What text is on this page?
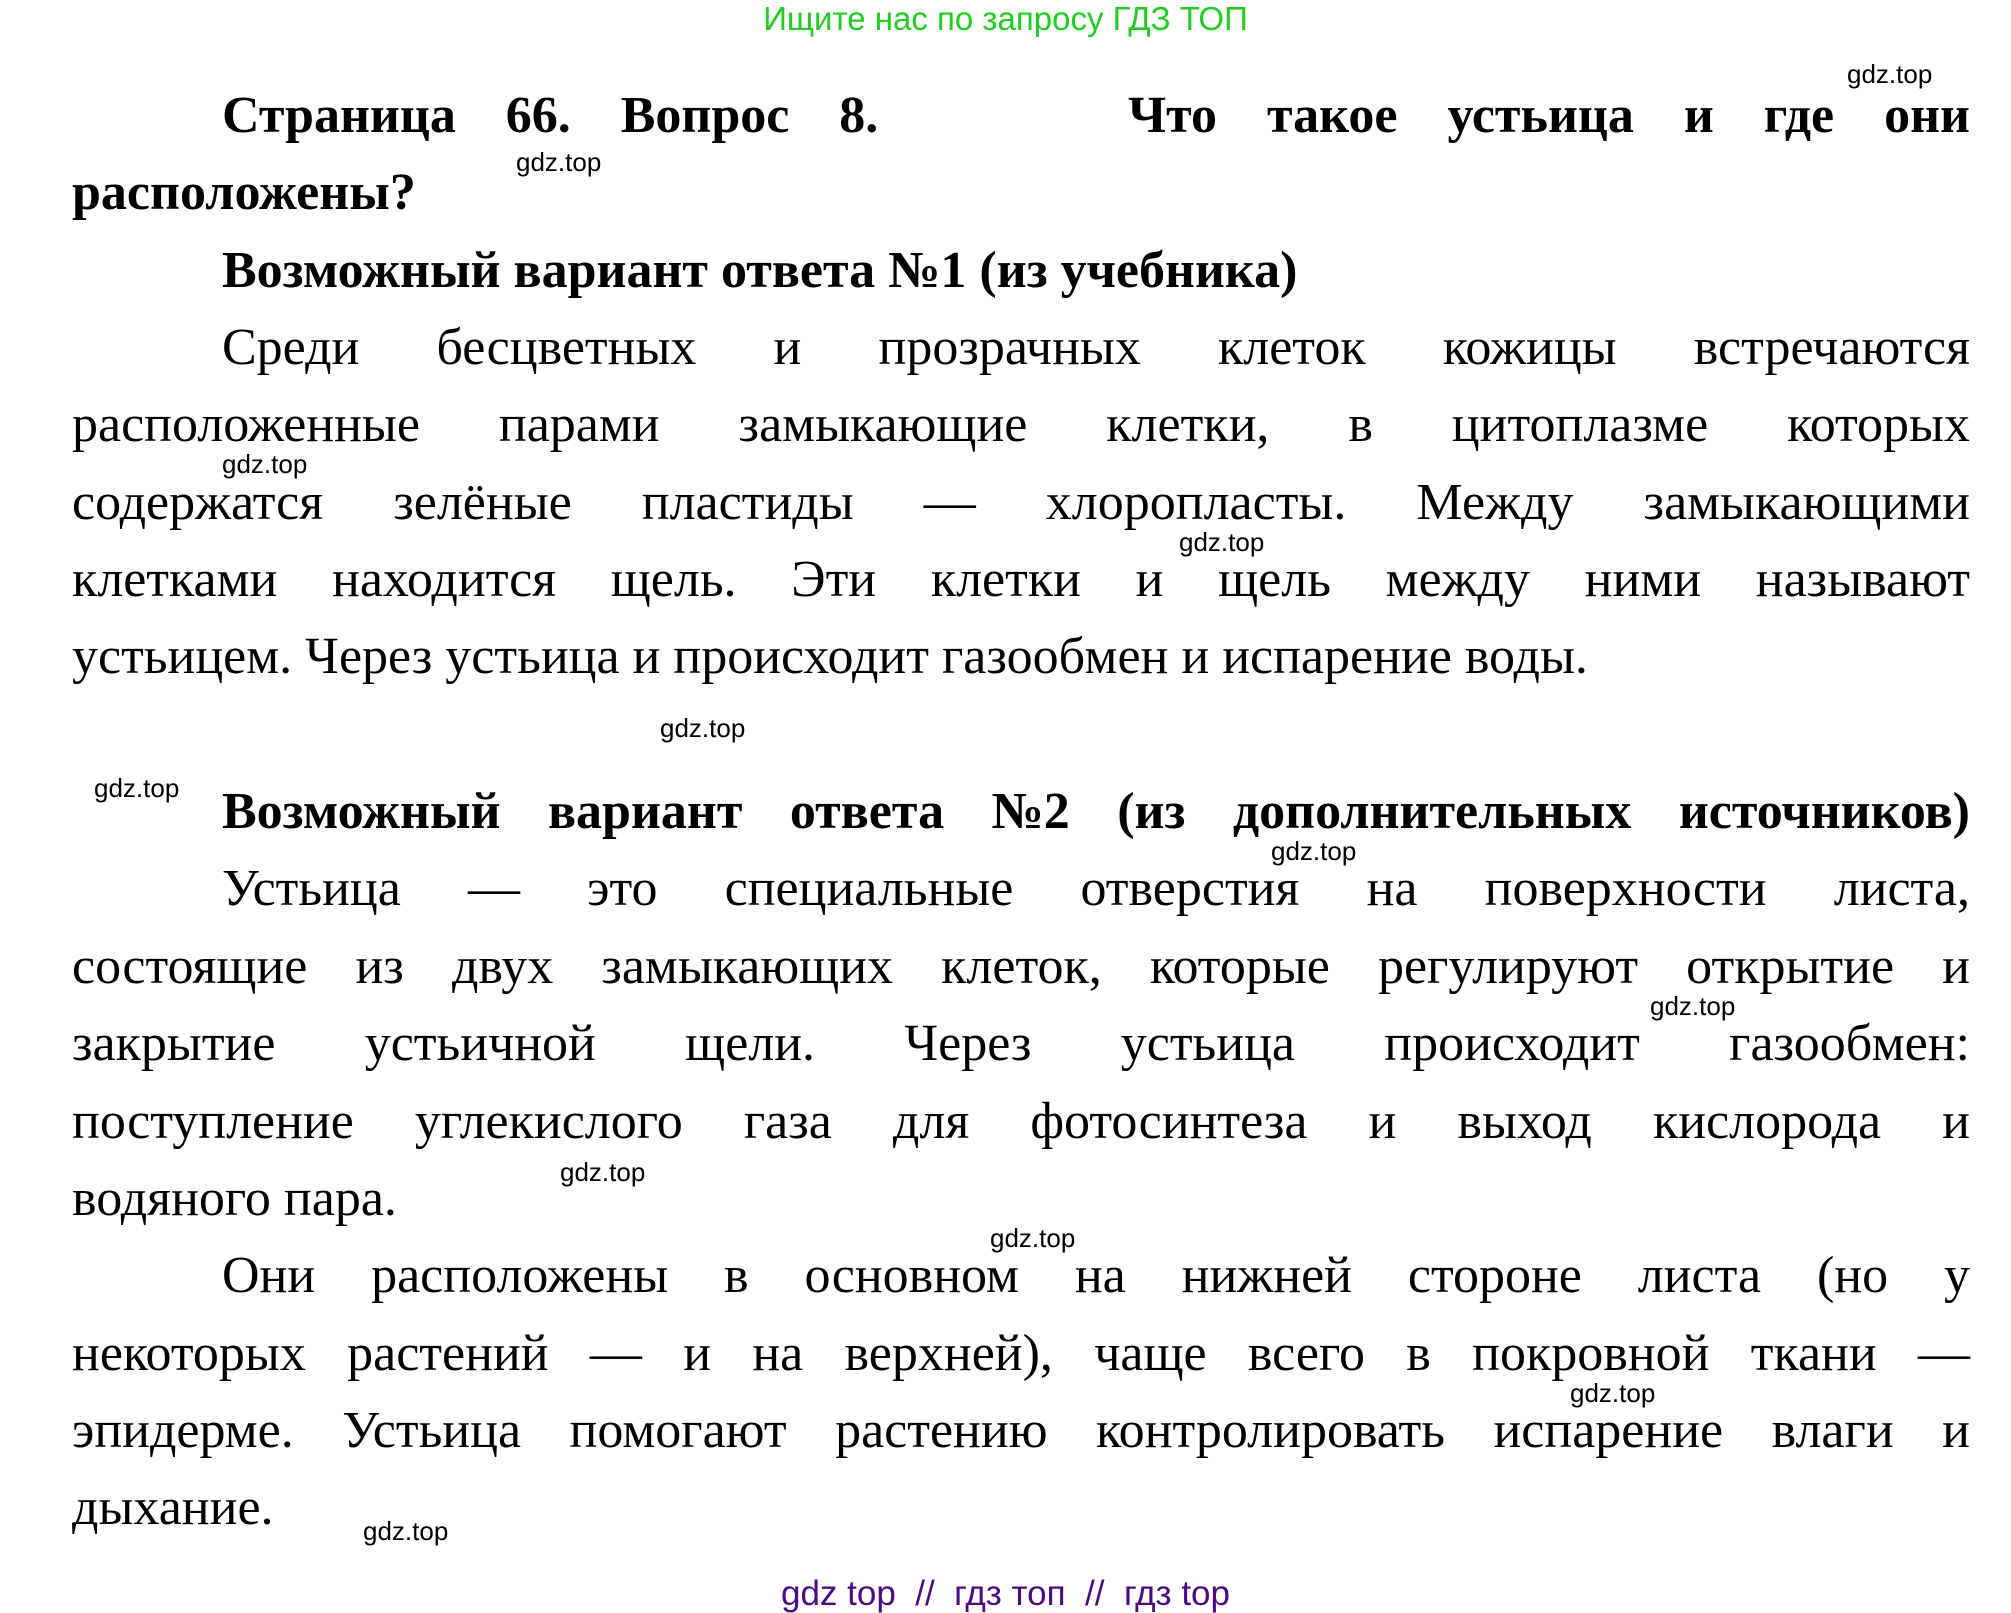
Ищите нас по запросу ГДЗ ТОП
Страница 66. Вопрос 8.     Что такое устьица и где они
расположены?
Возможный вариант ответа №1 (из учебника)
Среди бесцветных и прозрачных клеток кожицы встречаются
расположенные парами замыкающие клетки, в цитоплазме которых
содержатся зелёные пластиды — хлоропласты. Между замыкающими
клетками находится щель. Эти клетки и щель между ними называют
устьицем. Через устьица и происходит газообмен и испарение воды.
Возможный вариант ответа №2 (из дополнительных источников)
Устьица — это специальные отверстия на поверхности листа,
состоящие из двух замыкающих клеток, которые регулируют открытие и
закрытие устьичной щели. Через устьица происходит газообмен:
поступление углекислого газа для фотосинтеза и выход кислорода и
водяного пара.
Они расположены в основном на нижней стороне листа (но у
некоторых растений — и на верхней), чаще всего в покровной ткани —
эпидерме. Устьица помогают растению контролировать испарение влаги и
дыхание.
gdz.top
gdz.top
gdz.top
gdz.top
gdz.top
gdz.top
gdz.top
gdz.top
gdz.top
gdz.top
gdz.top
gdz.top
gdz top  //  гдз топ  //  гдз top
